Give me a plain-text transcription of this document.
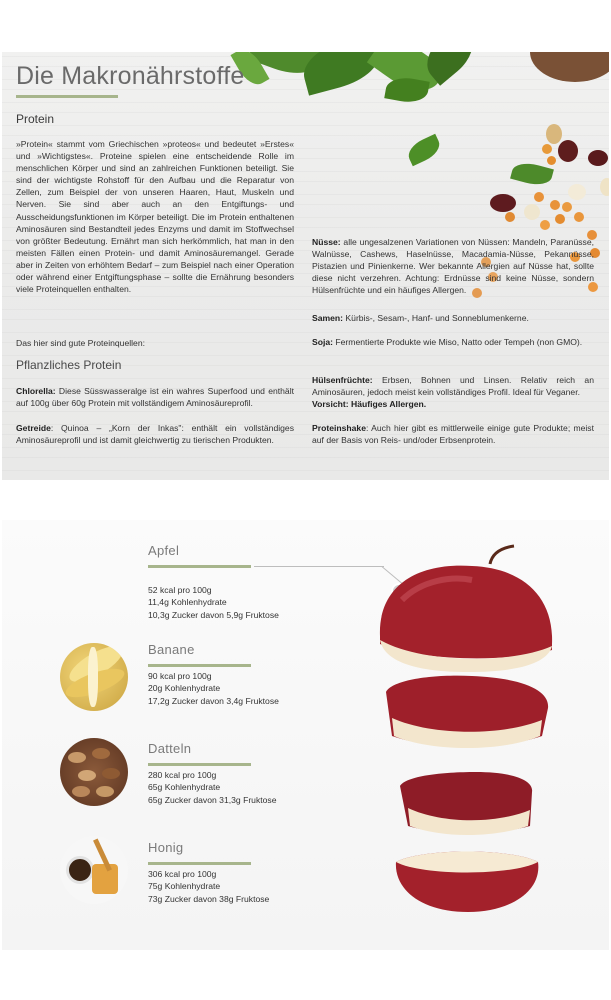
Die Makronährstoffe
Protein
»Protein« stammt vom Griechischen »proteos« und bedeutet »Erstes« und »Wichtigstes«. Proteine spielen eine entscheidende Rolle im menschlichen Körper und sind an zahlreichen Funktionen beteiligt. Sie sind der wichtigste Rohstoff für den Aufbau und die Reparatur von Zellen, zum Beispiel der von unseren Haaren, Haut, Muskeln und Nerven. Sie sind aber auch an den Entgiftungs- und Ausscheidungsfunktionen im Körper beteiligt. Die im Protein enthaltenen Aminosäuren sind Bestandteil jedes Enzyms und damit im Stoffwechsel von größter Bedeutung. Ernährt man sich herkömmlich, hat man in den meisten Fällen einen Protein- und damit Aminosäuremangel. Gerade aber in Zeiten von erhöhtem Bedarf – zum Beispiel nach einer Operation oder während einer Entgiftungsphase – sollte die Ernährung besonders viele Proteinquellen enthalten.
Das hier sind gute Proteinquellen:
Pflanzliches Protein
Chlorella: Diese Süsswasseralge ist ein wahres Superfood und enthält auf 100g über 60g Protein mit vollständigem Aminosäureprofil.
Getreide: Quinoa – „Korn der Inkas": enthält ein vollständiges Aminosäureprofil und ist damit gleichwertig zu tierischen Produkten.
Nüsse: alle ungesalzenen Variationen von Nüssen: Mandeln, Paranüsse, Walnüsse, Cashews, Haselnüsse, Macadamia-Nüsse, Pekannüsse, Pistazien und Pinienkerne. Wer bekannte Allergien auf Nüsse hat, sollte diese nicht verzehren. Achtung: Erdnüsse sind keine Nüsse, sondern Hülsenfrüchte und ein häufiges Allergen.
Samen: Kürbis-, Sesam-, Hanf- und Sonneblumenkerne.
Soja: Fermentierte Produkte wie Miso, Natto oder Tempeh (non GMO).
Hülsenfrüchte: Erbsen, Bohnen und Linsen. Relativ reich an Aminosäuren, jedoch meist kein vollständiges Profil. Ideal für Veganer.
Vorsicht: Häufiges Allergen.
Proteinshake: Auch hier gibt es mittlerweile einige gute Produkte; meist auf der Basis von Reis- und/oder Erbsenprotein.
Apfel
52 kcal pro 100g
11,4g Kohlenhydrate
10,3g Zucker davon 5,9g Fruktose
Banane
90 kcal pro 100g
20g Kohlenhydrate
17,2g Zucker davon 3,4g Fruktose
Datteln
280 kcal pro 100g
65g Kohlenhydrate
65g Zucker davon 31,3g Fruktose
Honig
306 kcal pro 100g
75g Kohlenhydrate
73g Zucker davon 38g Fruktose
